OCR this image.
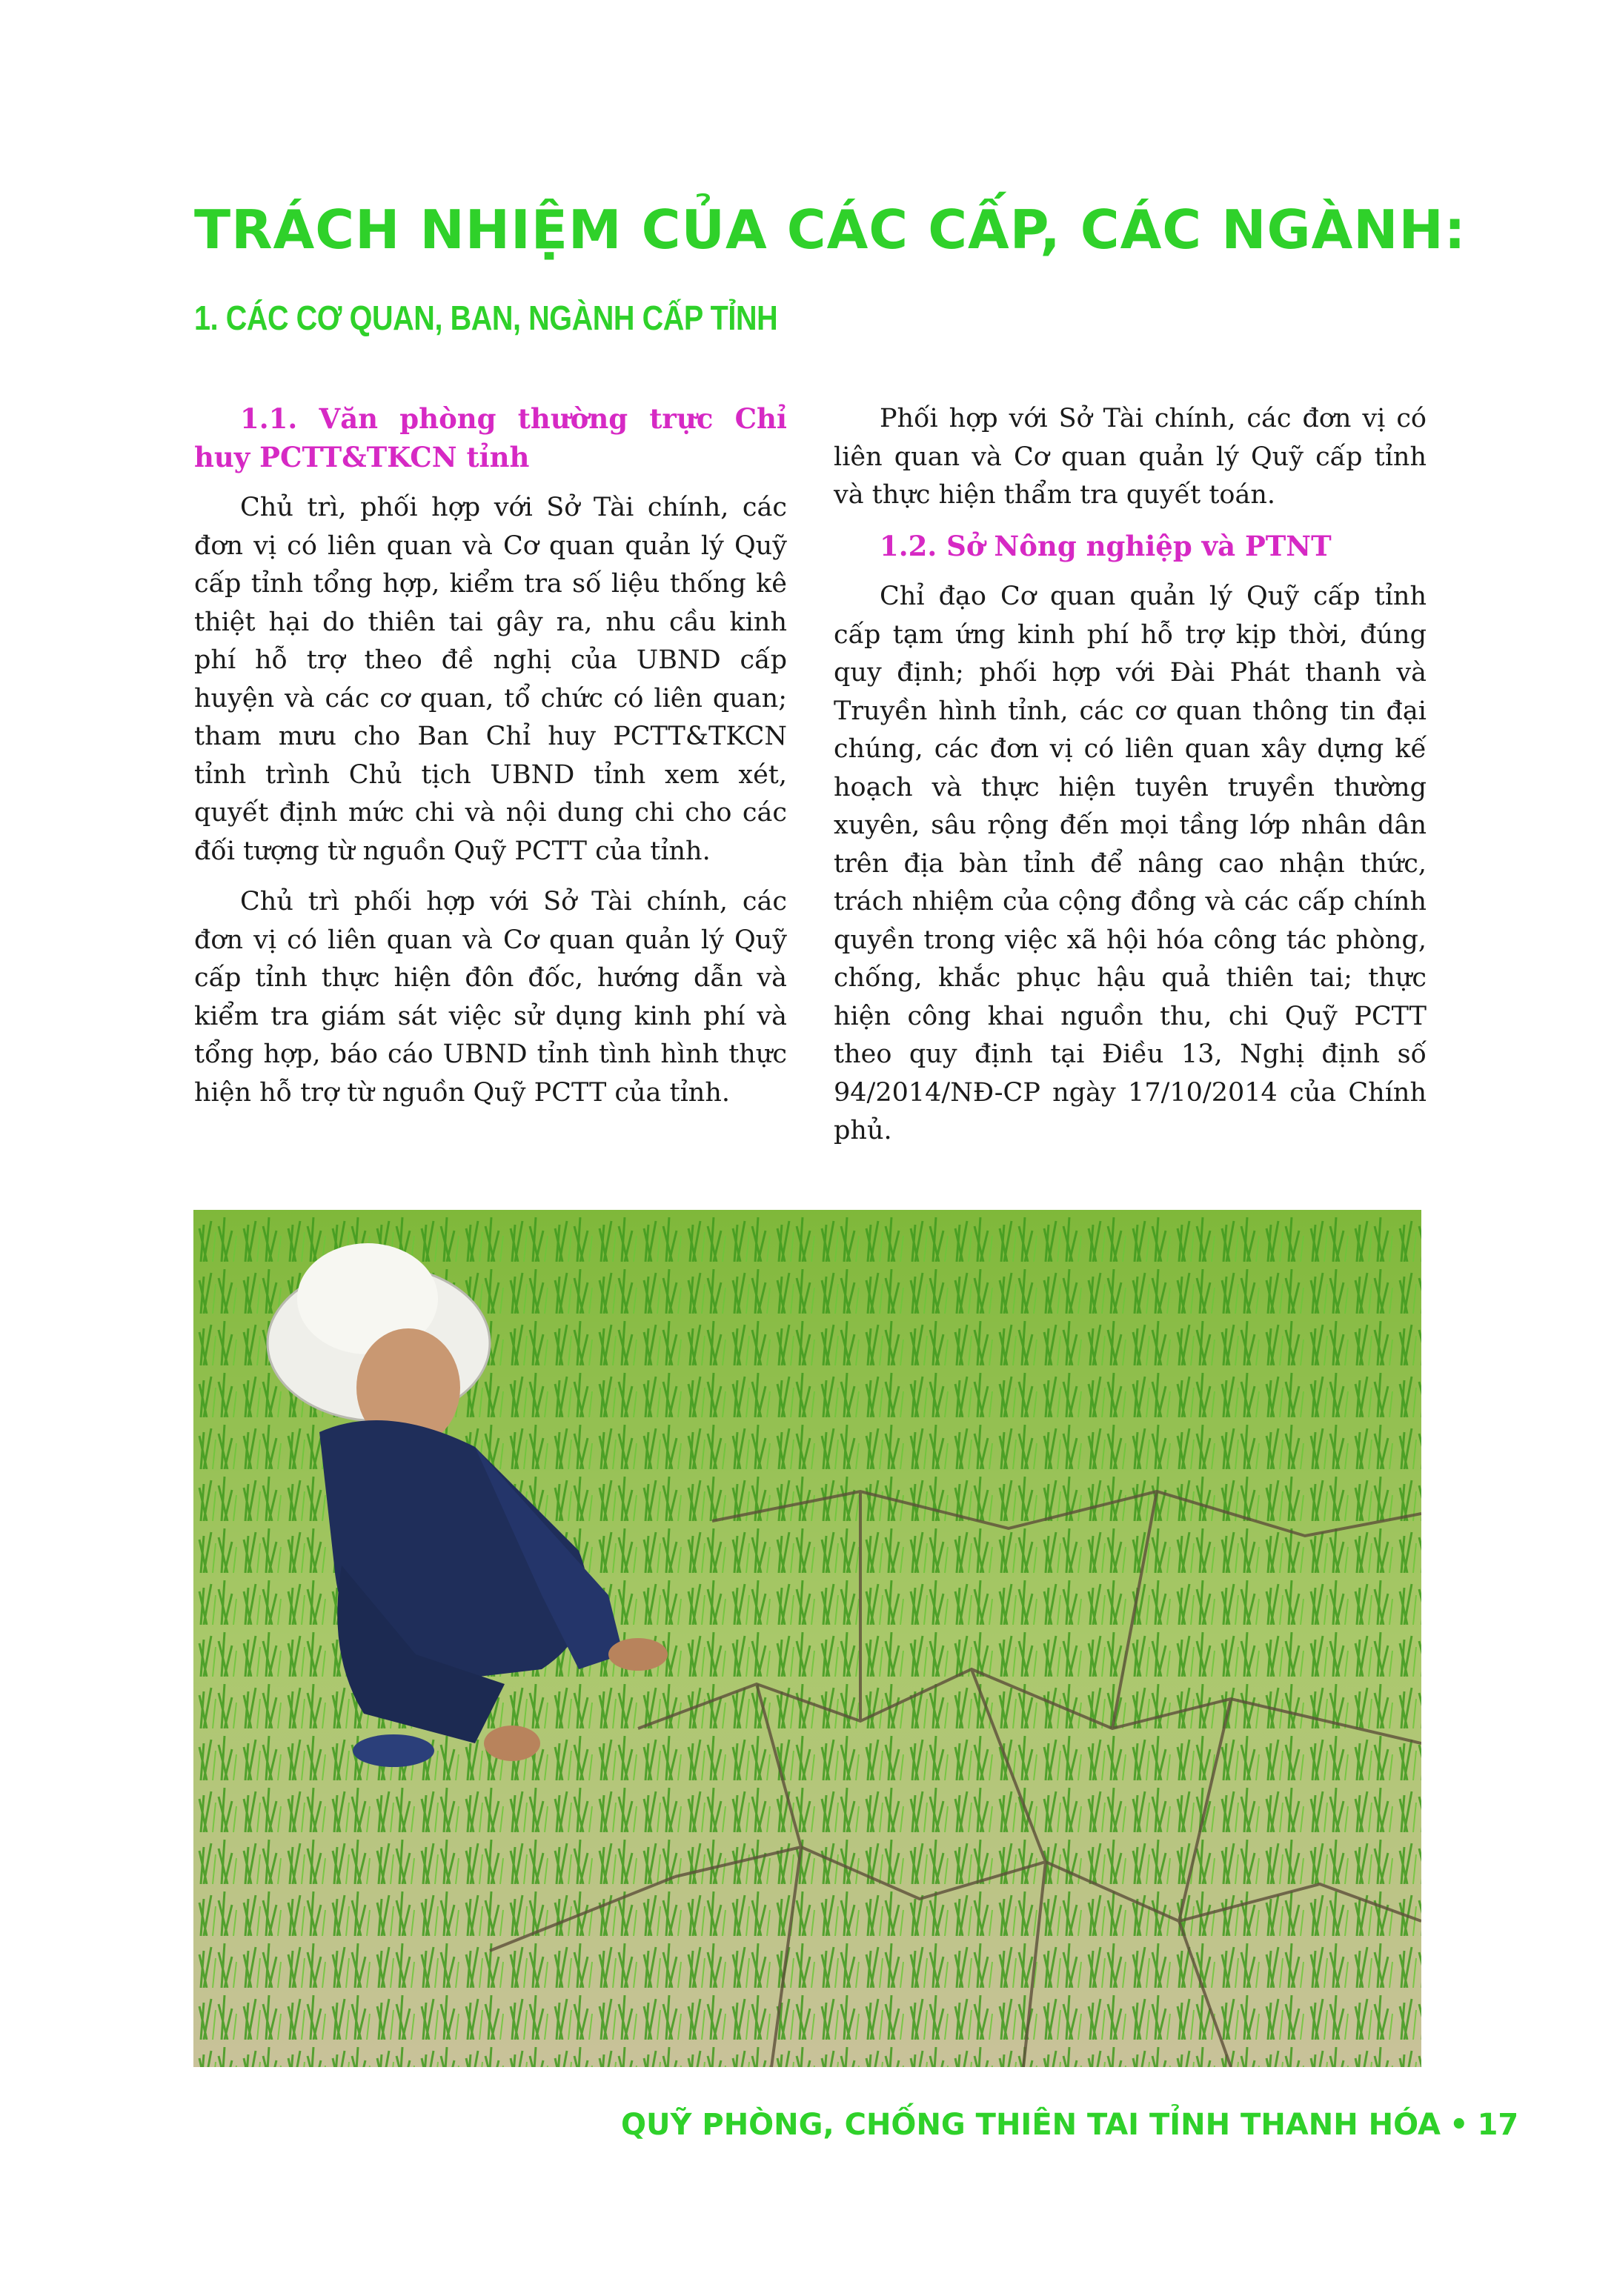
TRÁCH NHIỆM CỦA CÁC CẤP, CÁC NGÀNH:
1. CÁC CƠ QUAN, BAN, NGÀNH CẤP TỈNH
1.1. Văn phòng thường trực Chỉ huy PCTT&TKCN tỉnh

Chủ trì, phối hợp với Sở Tài chính, các đơn vị có liên quan và Cơ quan quản lý Quỹ cấp tỉnh tổng hợp, kiểm tra số liệu thống kê thiệt hại do thiên tai gây ra, nhu cầu kinh phí hỗ trợ theo đề nghị của UBND cấp huyện và các cơ quan, tổ chức có liên quan; tham mưu cho Ban Chỉ huy PCTT&TKCN tỉnh trình Chủ tịch UBND tỉnh xem xét, quyết định mức chi và nội dung chi cho các đối tượng từ nguồn Quỹ PCTT của tỉnh.

Chủ trì phối hợp với Sở Tài chính, các đơn vị có liên quan và Cơ quan quản lý Quỹ cấp tỉnh thực hiện đôn đốc, hướng dẫn và kiểm tra giám sát việc sử dụng kinh phí và tổng hợp, báo cáo UBND tỉnh tình hình thực hiện hỗ trợ từ nguồn Quỹ PCTT của tỉnh.

Phối hợp với Sở Tài chính, các đơn vị có liên quan và Cơ quan quản lý Quỹ cấp tỉnh và thực hiện thẩm tra quyết toán.

1.2. Sở Nông nghiệp và PTNT

Chỉ đạo Cơ quan quản lý Quỹ cấp tỉnh cấp tạm ứng kinh phí hỗ trợ kịp thời, đúng quy định; phối hợp với Đài Phát thanh và Truyền hình tỉnh, các cơ quan thông tin đại chúng, các đơn vị có liên quan xây dựng kế hoạch và thực hiện tuyên truyền thường xuyên, sâu rộng đến mọi tầng lớp nhân dân trên địa bàn tỉnh để nâng cao nhận thức, trách nhiệm của cộng đồng và các cấp chính quyền trong việc xã hội hóa công tác phòng, chống, khắc phục hậu quả thiên tai; thực hiện công khai nguồn thu, chi Quỹ PCTT theo quy định tại Điều 13, Nghị định số 94/2014/NĐ-CP ngày 17/10/2014 của Chính phủ.

QUỸ PHÒNG, CHỐNG THIÊN TAI TỈNH THANH HÓA • 17
